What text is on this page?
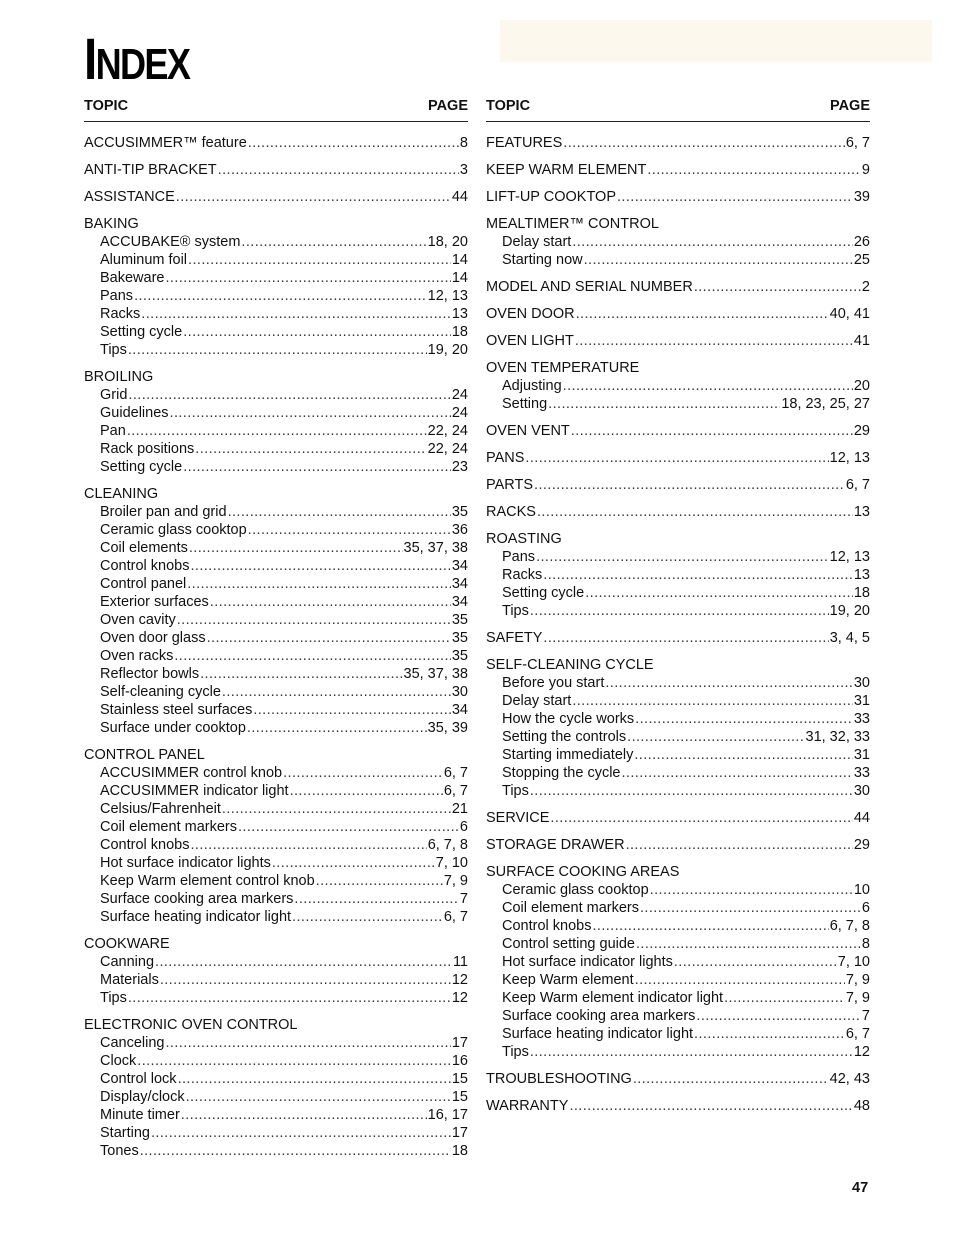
INDEX
TOPIC	PAGE
ACCUSIMMER™ feature .....	8
ANTI-TIP BRACKET .....	3
ASSISTANCE .....	44
BAKING
ACCUBAKE® system .....	18, 20
Aluminum foil .....	14
Bakeware .....	14
Pans .....	12, 13
Racks .....	13
Setting cycle .....	18
Tips .....	19, 20
BROILING
Grid .....	24
Guidelines .....	24
Pan .....	22, 24
Rack positions .....	22, 24
Setting cycle .....	23
CLEANING
Broiler pan and grid .....	35
Ceramic glass cooktop .....	36
Coil elements .....	35, 37, 38
Control knobs .....	34
Control panel .....	34
Exterior surfaces .....	34
Oven cavity .....	35
Oven door glass .....	35
Oven racks .....	35
Reflector bowls .....	35, 37, 38
Self-cleaning cycle .....	30
Stainless steel surfaces .....	34
Surface under cooktop .....	35, 39
CONTROL PANEL
ACCUSIMMER control knob .....	6, 7
ACCUSIMMER indicator light .....	6, 7
Celsius/Fahrenheit .....	21
Coil element markers .....	6
Control knobs .....	6, 7, 8
Hot surface indicator lights .....	7, 10
Keep Warm element control knob .....	7, 9
Surface cooking area markers .....	7
Surface heating indicator light .....	6, 7
COOKWARE
Canning .....	11
Materials .....	12
Tips .....	12
ELECTRONIC OVEN CONTROL
Canceling .....	17
Clock .....	16
Control lock .....	15
Display/clock .....	15
Minute timer .....	16, 17
Starting .....	17
Tones .....	18
TOPIC	PAGE
FEATURES .....	6, 7
KEEP WARM ELEMENT .....	9
LIFT-UP COOKTOP .....	39
MEALTIMER™ CONTROL
Delay start .....	26
Starting now .....	25
MODEL AND SERIAL NUMBER .....	2
OVEN DOOR .....	40, 41
OVEN LIGHT .....	41
OVEN TEMPERATURE
Adjusting .....	20
Setting .....	18, 23, 25, 27
OVEN VENT .....	29
PANS .....	12, 13
PARTS .....	6, 7
RACKS .....	13
ROASTING
Pans .....	12, 13
Racks .....	13
Setting cycle .....	18
Tips .....	19, 20
SAFETY .....	3, 4, 5
SELF-CLEANING CYCLE
Before you start .....	30
Delay start .....	31
How the cycle works .....	33
Setting the controls .....	31, 32, 33
Starting immediately .....	31
Stopping the cycle .....	33
Tips .....	30
SERVICE .....	44
STORAGE DRAWER .....	29
SURFACE COOKING AREAS
Ceramic glass cooktop .....	10
Coil element markers .....	6
Control knobs .....	6, 7, 8
Control setting guide .....	8
Hot surface indicator lights .....	7, 10
Keep Warm element .....	7, 9
Keep Warm element indicator light .....	7, 9
Surface cooking area markers .....	7
Surface heating indicator light .....	6, 7
Tips .....	12
TROUBLESHOOTING .....	42, 43
WARRANTY .....	48
47
